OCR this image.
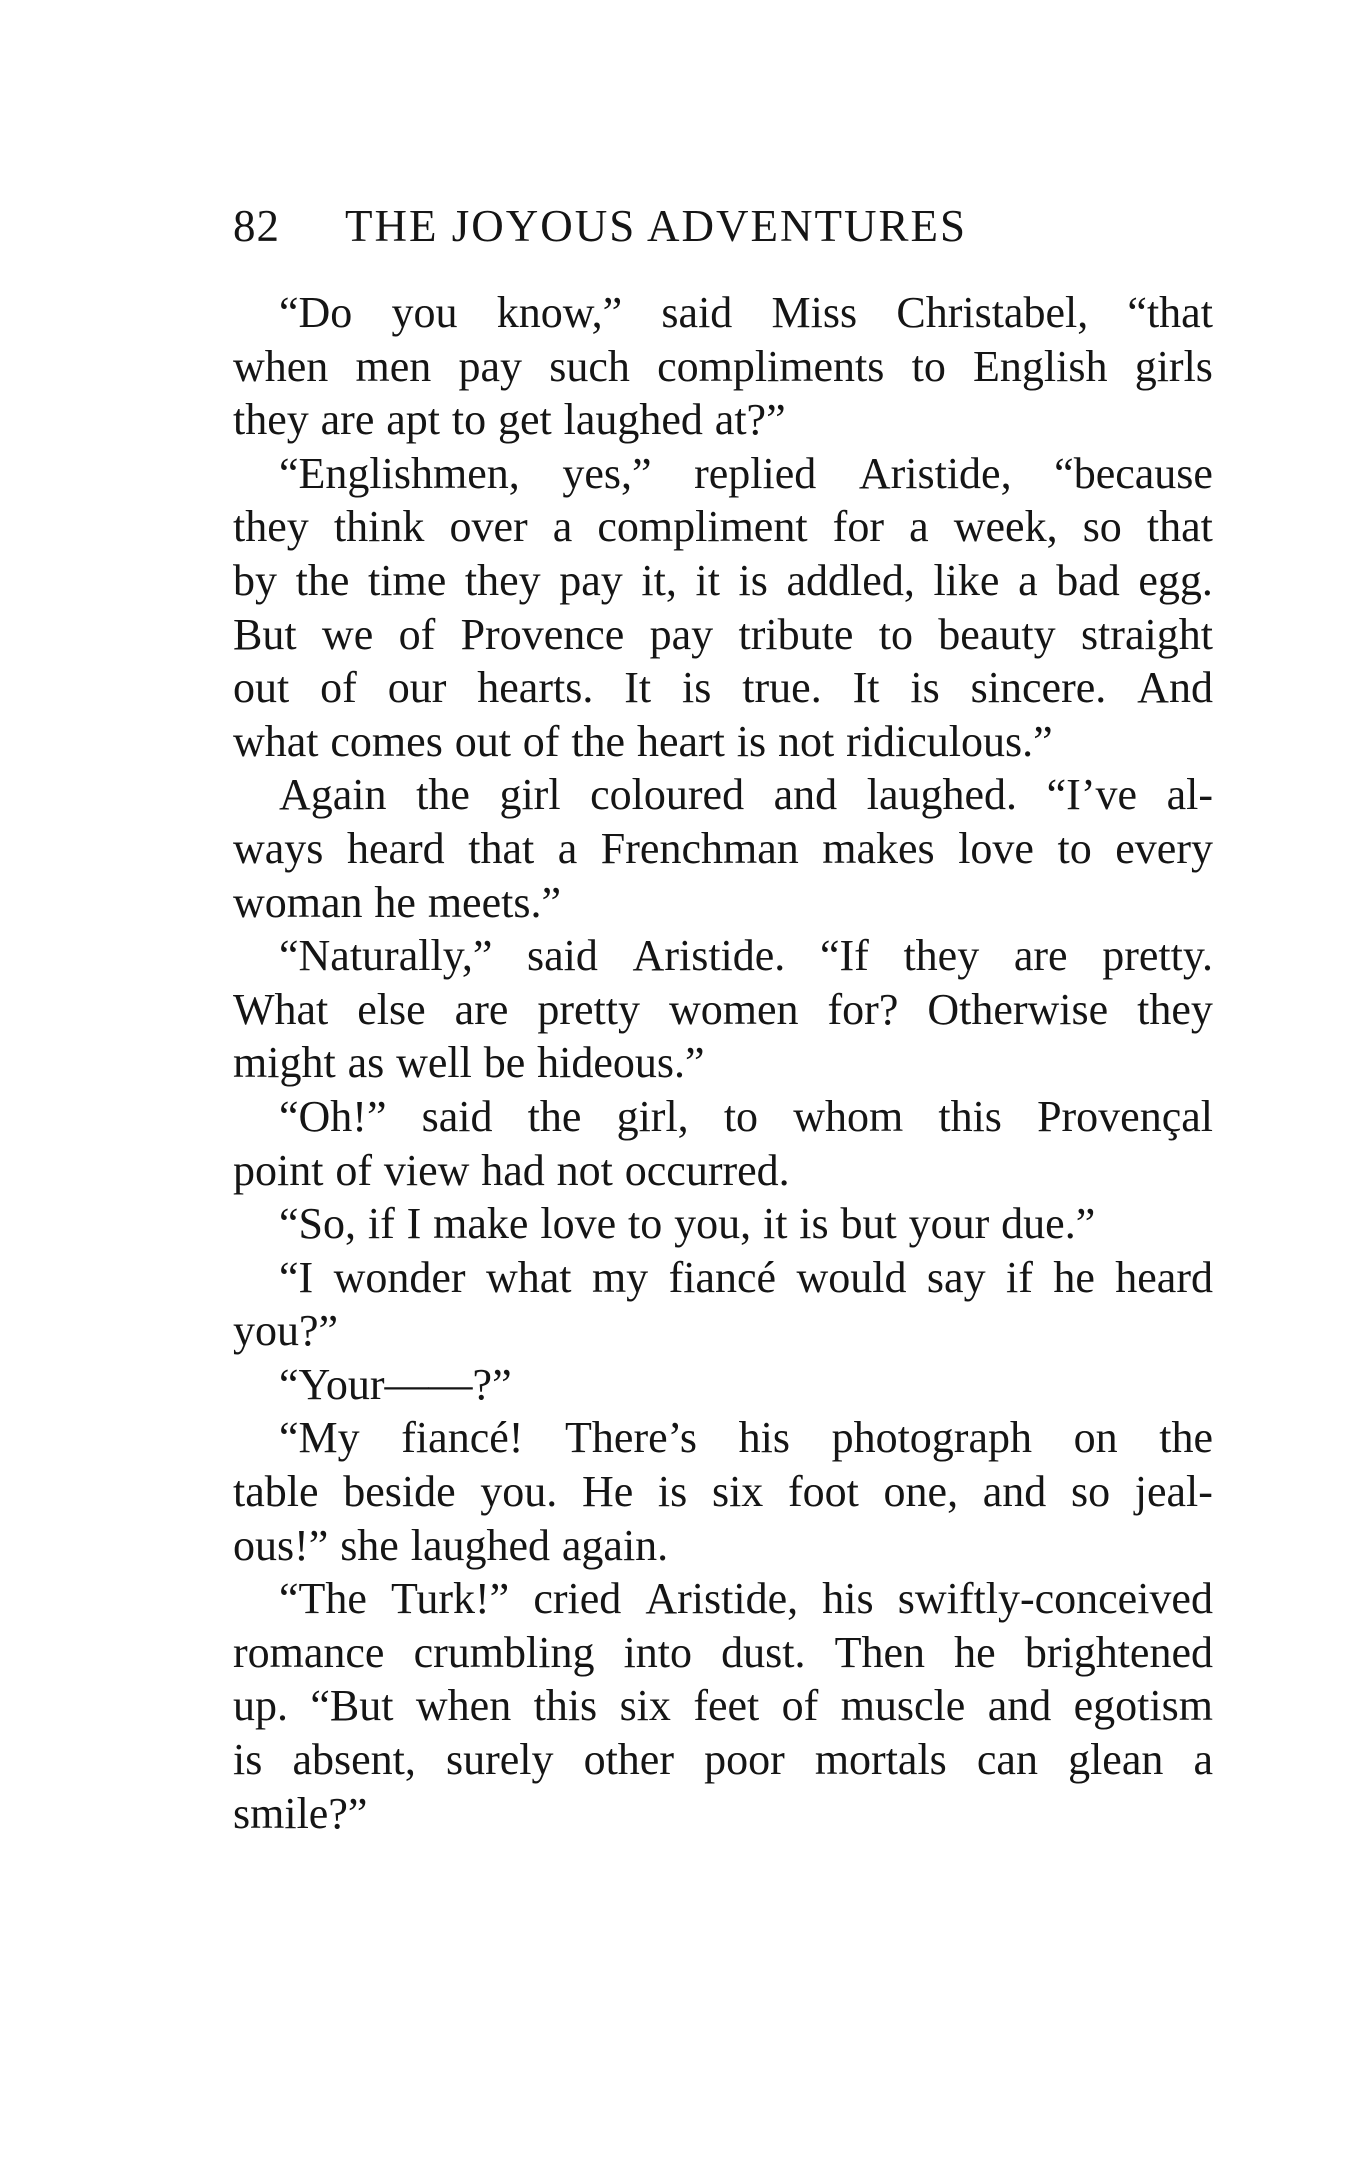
82 THE JOYOUS ADVENTURES
“Do you know,” said Miss Christabel, “that
when men pay such compliments to English girls
they are apt to get laughed at?”
“Englishmen, yes,” replied Aristide, “because
they think over a compliment for a week, so that
by the time they pay it, it is addled, like a bad egg.
But we of Provence pay tribute to beauty straight
out of our hearts. It is true. It is sincere. And
what comes out of the heart is not ridiculous.”
Again the girl coloured and laughed. “I’ve al-
ways heard that a Frenchman makes love to every
woman he meets.”
“Naturally,” said Aristide. “If they are pretty.
What else are pretty women for? Otherwise they
might as well be hideous.”
“Oh!” said the girl, to whom this Provençal
point of view had not occurred.
“So, if I make love to you, it is but your due.”
“I wonder what my fiancé would say if he heard
you?”
“Your——?”
“My fiancé! There’s his photograph on the
table beside you. He is six foot one, and so jeal-
ous!” she laughed again.
“The Turk!” cried Aristide, his swiftly-conceived
romance crumbling into dust. Then he brightened
up. “But when this six feet of muscle and egotism
is absent, surely other poor mortals can glean a
smile?”
